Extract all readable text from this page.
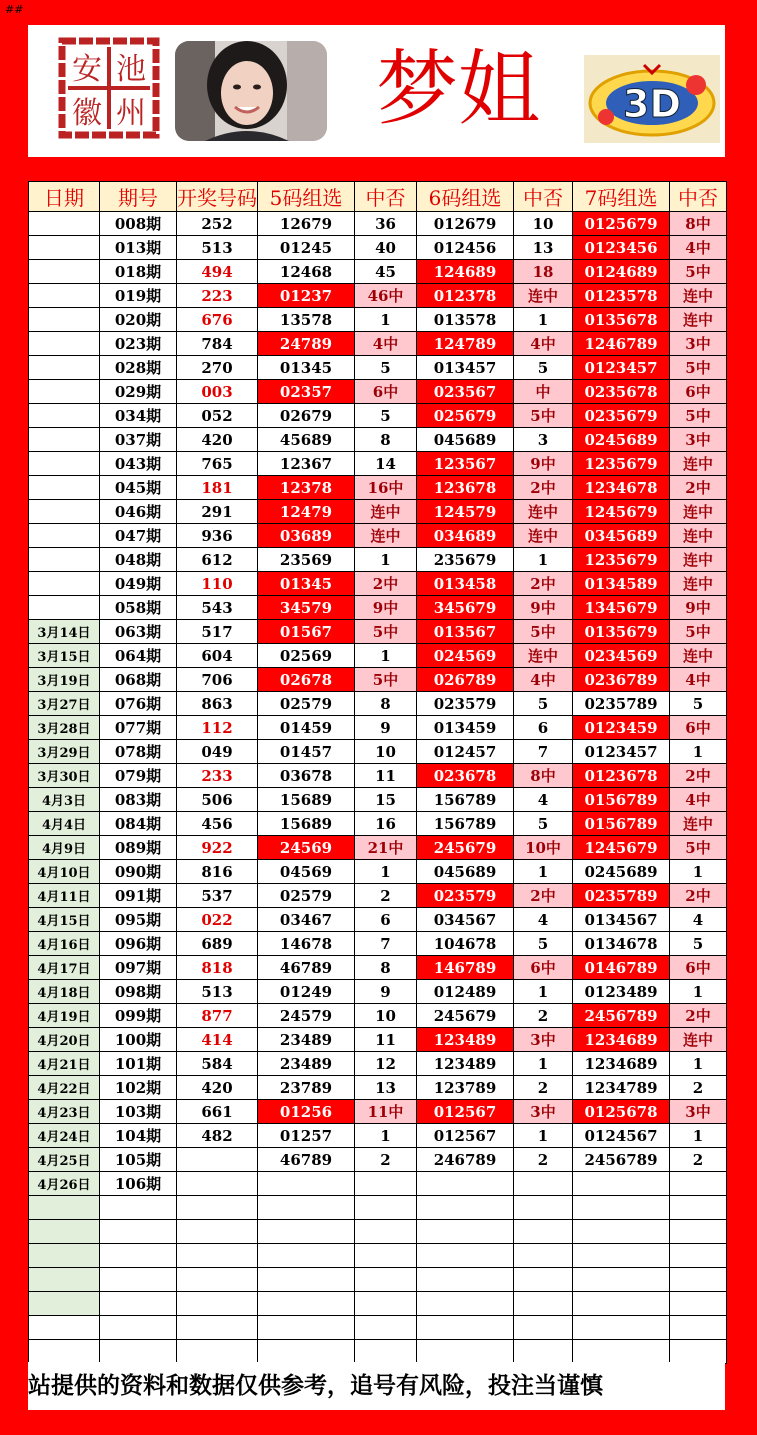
##
安 池
徽 州	梦姐	3D
日期	期号	开奖号码	5码组选	中否	6码组选	中否	7码组选	中否
	008期	252	12679	36	012679	10	0125679	8中
	013期	513	01245	40	012456	13	0123456	4中
	018期	494	12468	45	124689	18	0124689	5中
	019期	223	01237	46中	012378	连中	0123578	连中
	020期	676	13578	1	013578	1	0135678	连中
	023期	784	24789	4中	124789	4中	1246789	3中
	028期	270	01345	5	013457	5	0123457	5中
	029期	003	02357	6中	023567	中	0235678	6中
	034期	052	02679	5	025679	5中	0235679	5中
	037期	420	45689	8	045689	3	0245689	3中
	043期	765	12367	14	123567	9中	1235679	连中
	045期	181	12378	16中	123678	2中	1234678	2中
	046期	291	12479	连中	124579	连中	1245679	连中
	047期	936	03689	连中	034689	连中	0345689	连中
	048期	612	23569	1	235679	1	1235679	连中
	049期	110	01345	2中	013458	2中	0134589	连中
	058期	543	34579	9中	345679	9中	1345679	9中
3月14日	063期	517	01567	5中	013567	5中	0135679	5中
3月15日	064期	604	02569	1	024569	连中	0234569	连中
3月19日	068期	706	02678	5中	026789	4中	0236789	4中
3月27日	076期	863	02579	8	023579	5	0235789	5
3月28日	077期	112	01459	9	013459	6	0123459	6中
3月29日	078期	049	01457	10	012457	7	0123457	1
3月30日	079期	233	03678	11	023678	8中	0123678	2中
4月3日	083期	506	15689	15	156789	4	0156789	4中
4月4日	084期	456	15689	16	156789	5	0156789	连中
4月9日	089期	922	24569	21中	245679	10中	1245679	5中
4月10日	090期	816	04569	1	045689	1	0245689	1
4月11日	091期	537	02579	2	023579	2中	0235789	2中
4月15日	095期	022	03467	6	034567	4	0134567	4
4月16日	096期	689	14678	7	104678	5	0134678	5
4月17日	097期	818	46789	8	146789	6中	0146789	6中
4月18日	098期	513	01249	9	012489	1	0123489	1
4月19日	099期	877	24579	10	245679	2	2456789	2中
4月20日	100期	414	23489	11	123489	3中	1234689	连中
4月21日	101期	584	23489	12	123489	1	1234689	1
4月22日	102期	420	23789	13	123789	2	1234789	2
4月23日	103期	661	01256	11中	012567	3中	0125678	3中
4月24日	104期	482	01257	1	012567	1	0124567	1
4月25日	105期		46789	2	246789	2	2456789	2
4月26日	106期							

站提供的资料和数据仅供参考，追号有风险，投注当谨慎
